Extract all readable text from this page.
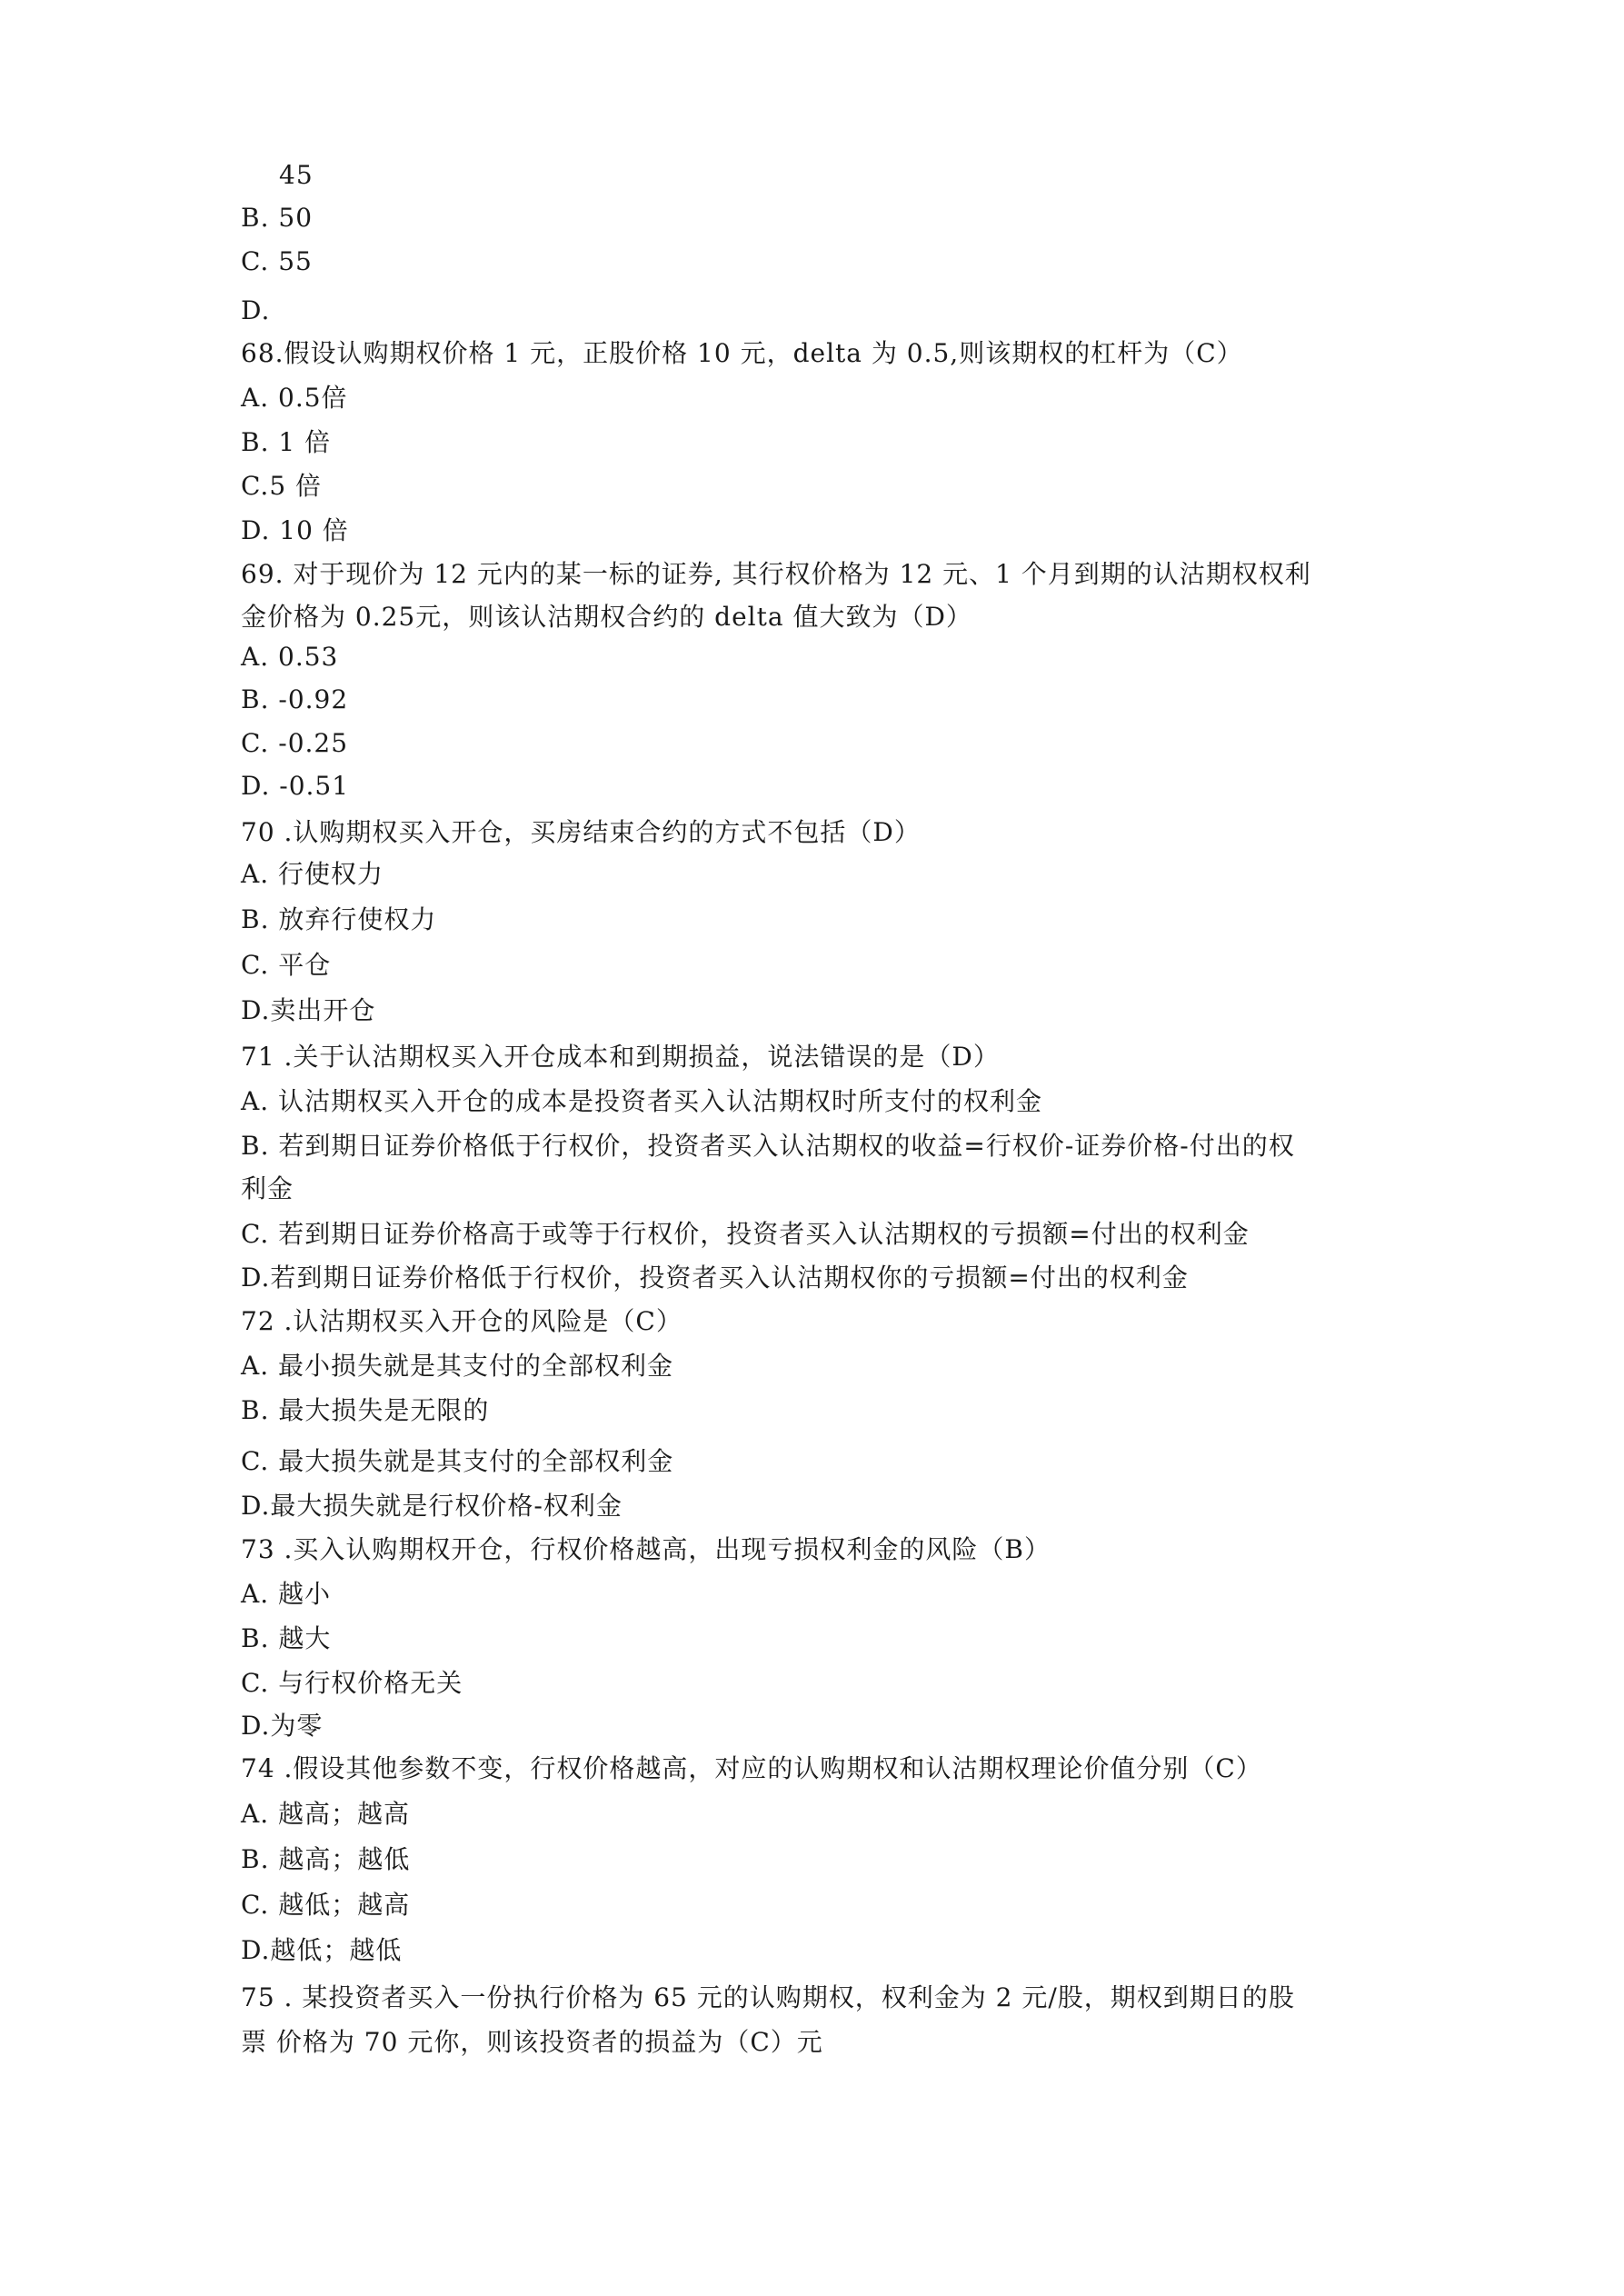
45
B. 50
C. 55
D.
68.假设认购期权价格 1 元，正股价格 10 元，delta 为 0.5,则该期权的杠杆为（C）
A. 0.5倍
B. 1 倍
C.5 倍
D. 10 倍
69. 对于现价为 12 元内的某一标的证券, 其行权价格为 12 元、1 个月到期的认沽期权权利
金价格为 0.25元，则该认沽期权合约的 delta 值大致为（D）
A. 0.53
B. -0.92
C. -0.25
D. -0.51
70 .认购期权买入开仓，买房结束合约的方式不包括（D）
A. 行使权力
B. 放弃行使权力
C. 平仓
D.卖出开仓
71 .关于认沽期权买入开仓成本和到期损益，说法错误的是（D）
A. 认沽期权买入开仓的成本是投资者买入认沽期权时所支付的权利金
B. 若到期日证券价格低于行权价，投资者买入认沽期权的收益=行权价-证券价格-付出的权
利金
C. 若到期日证券价格高于或等于行权价，投资者买入认沽期权的亏损额=付出的权利金
D.若到期日证券价格低于行权价，投资者买入认沽期权你的亏损额=付出的权利金
72 .认沽期权买入开仓的风险是（C）
A. 最小损失就是其支付的全部权利金
B. 最大损失是无限的
C. 最大损失就是其支付的全部权利金
D.最大损失就是行权价格-权利金
73 .买入认购期权开仓，行权价格越高，出现亏损权利金的风险（B）
A. 越小
B. 越大
C. 与行权价格无关
D.为零
74 .假设其他参数不变，行权价格越高，对应的认购期权和认沽期权理论价值分别（C）
A. 越高；越高
B. 越高；越低
C. 越低；越高
D.越低；越低
75 . 某投资者买入一份执行价格为 65 元的认购期权，权利金为 2 元/股，期权到期日的股
票 价格为 70 元你，则该投资者的损益为（C）元
